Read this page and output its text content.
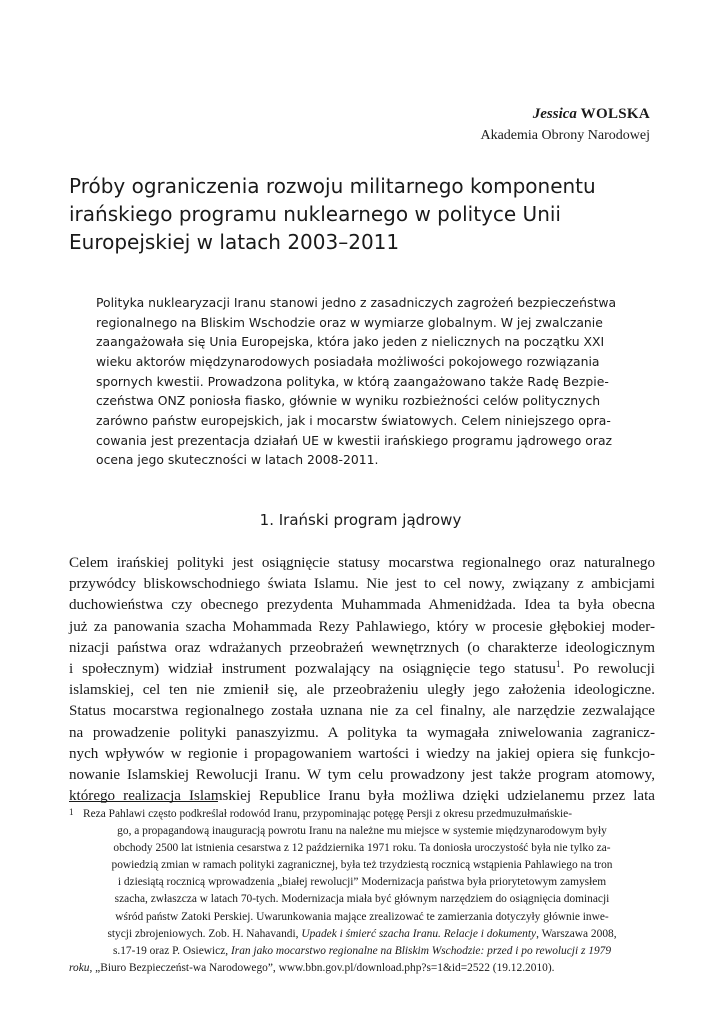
Jessica WOLSKA
Akademia Obrony Narodowej
Próby ograniczenia rozwoju militarnego komponentu
irańskiego programu nuklearnego w polityce Unii
Europejskiej w latach 2003–2011
Polityka nuklearyzacji Iranu stanowi jedno z zasadniczych zagrożeń bezpieczeństwa
regionalnego na Bliskim Wschodzie oraz w wymiarze globalnym. W jej zwalczanie
zaangażowała się Unia Europejska, która jako jeden z nielicznych na początku XXI
wieku aktorów międzynarodowych posiadała możliwości pokojowego rozwiązania
spornych kwestii. Prowadzona polityka, w którą zaangażowano także Radę Bezpie-
czeństwa ONZ poniosła fiasko, głównie w wyniku rozbieżności celów politycznych
zarówno państw europejskich, jak i mocarstw światowych. Celem niniejszego opra-
cowania jest prezentacja działań UE w kwestii irańskiego programu jądrowego oraz
ocena jego skuteczności w latach 2008-2011.
1. Irański program jądrowy
Celem irańskiej polityki jest osiągnięcie statusy mocarstwa regionalnego oraz naturalnego
przywódcy bliskowschodniego świata Islamu. Nie jest to cel nowy, związany z ambicjami
duchowieństwa czy obecnego prezydenta Muhammada Ahmenidżada. Idea ta była obecna
już za panowania szacha Mohammada Rezy Pahlawiego, który w procesie głębokiej moder-
nizacji państwa oraz wdrażanych przeobrażeń wewnętrznych (o charakterze ideologicznym
i społecznym) widział instrument pozwalający na osiągnięcie tego statusu$^1$. Po rewolucji
islamskiej, cel ten nie zmienił się, ale przeobrażeniu uległy jego założenia ideologiczne.
Status mocarstwa regionalnego została uznana nie za cel finalny, ale narzędzie zezwalające
na prowadzenie polityki panaszyizmu. A polityka ta wymagała zniwelowania zagranicz-
nych wpływów w regionie i propagowaniem wartości i wiedzy na jakiej opiera się funkcjo-
nowanie Islamskiej Rewolucji Iranu. W tym celu prowadzony jest także program atomowy,
którego realizacja Islamskiej Republice Iranu była możliwa dzięki udzielanemu przez lata
1 Reza Pahlawi często podkreślał rodowód Iranu, przypominając potęgę Persji z okresu przedmuzułmańskie-
go, a propagandową inauguracją powrotu Iranu na należne mu miejsce w systemie międzynarodowym były
obchody 2500 lat istnienia cesarstwa z 12 października 1971 roku. Ta doniosła uroczystość była nie tylko za-
powiedzią zmian w ramach polityki zagranicznej, była też trzydziestą rocznicą wstąpienia Pahlawiego na tron
i dziesiątą rocznicą wprowadzenia „białej rewolucji” Modernizacja państwa była priorytetowym zamysłem
szacha, zwłaszcza w latach 70-tych. Modernizacja miała być głównym narzędziem do osiągnięcia dominacji
wśród państw Zatoki Perskiej. Uwarunkowania mające zrealizować te zamierzania dotyczyły głównie inwe-
stycji zbrojeniowych. Zob. H. Nahavandi, Upadek i śmierć szacha Iranu. Relacje i dokumenty, Warszawa 2008,
s.17-19 oraz P. Osiewicz, Iran jako mocarstwo regionalne na Bliskim Wschodzie: przed i po rewolucji z 1979
roku, „Biuro Bezpieczeńst-wa Narodowego”, www.bbn.gov.pl/download.php?s=1&id=2522 (19.12.2010).
